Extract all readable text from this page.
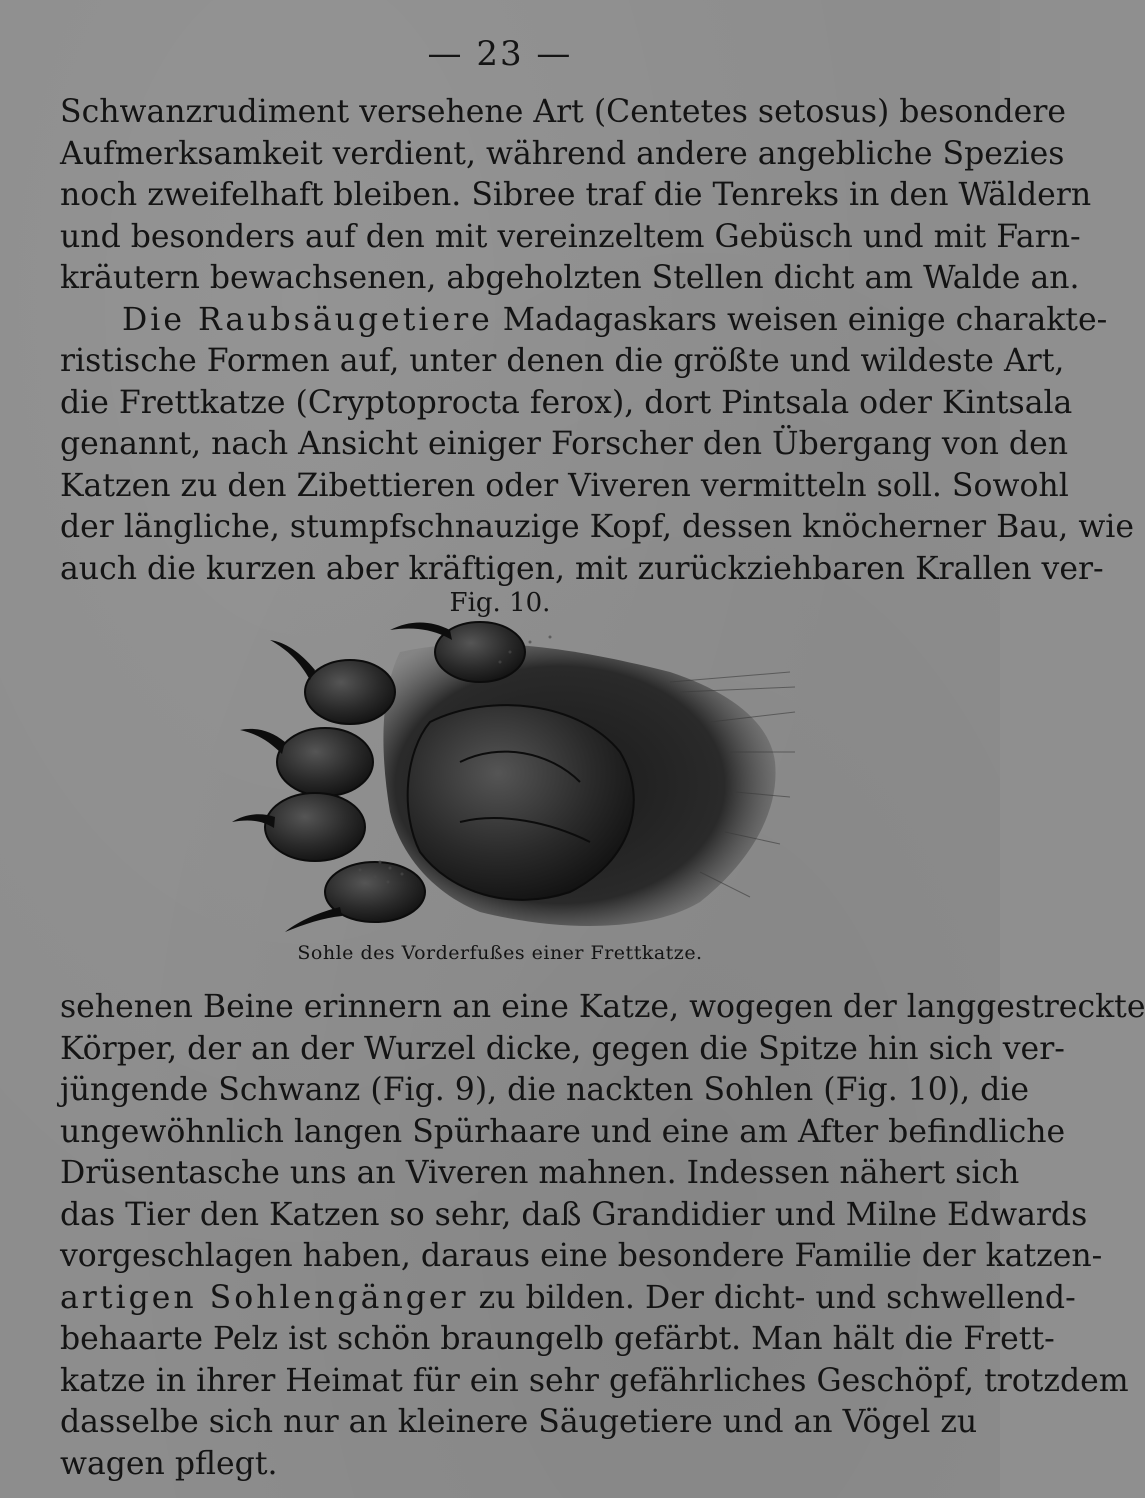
— 23 —
Schwanzrudiment versehene Art (Centetes setosus) besondere
Aufmerksamkeit verdient, während andere angebliche Spezies
noch zweifelhaft bleiben. Sibree traf die Tenreks in den Wäldern
und besonders auf den mit vereinzeltem Gebüsch und mit Farn-
kräutern bewachsenen, abgeholzten Stellen dicht am Walde an.
Die Raubsäugetiere Madagaskars weisen einige charakte-
ristische Formen auf, unter denen die größte und wildeste Art,
die Frettkatze (Cryptoprocta ferox), dort Pintsala oder Kintsala
genannt, nach Ansicht einiger Forscher den Übergang von den
Katzen zu den Zibettieren oder Viveren vermitteln soll. Sowohl
der längliche, stumpfschnauzige Kopf, dessen knöcherner Bau, wie
auch die kurzen aber kräftigen, mit zurückziehbaren Krallen ver-
Fig. 10.
Sohle des Vorderfußes einer Frettkatze.
sehenen Beine erinnern an eine Katze, wogegen der langgestreckte
Körper, der an der Wurzel dicke, gegen die Spitze hin sich ver-
jüngende Schwanz (Fig. 9), die nackten Sohlen (Fig. 10), die
ungewöhnlich langen Spürhaare und eine am After befindliche
Drüsentasche uns an Viveren mahnen. Indessen nähert sich
das Tier den Katzen so sehr, daß Grandidier und Milne Edwards
vorgeschlagen haben, daraus eine besondere Familie der katzen-
artigen Sohlengänger zu bilden. Der dicht- und schwellend-
behaarte Pelz ist schön braungelb gefärbt. Man hält die Frett-
katze in ihrer Heimat für ein sehr gefährliches Geschöpf, trotzdem
dasselbe sich nur an kleinere Säugetiere und an Vögel zu
wagen pflegt.
